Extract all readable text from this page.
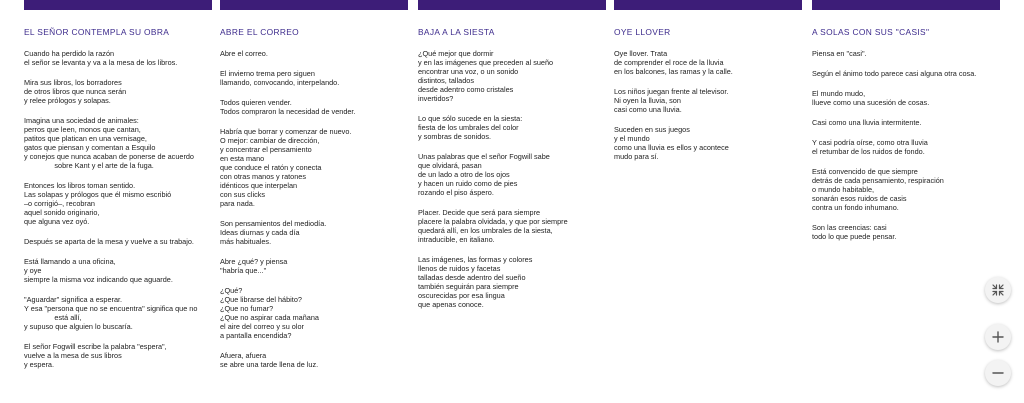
EL SEÑOR CONTEMPLA SU OBRA

Cuando ha perdido la razón
el señor se levanta y va a la mesa de los libros.

Mira sus libros, los borradores
de otros libros que nunca serán
y relee prólogos y solapas.

Imagina una sociedad de animales:
perros que leen, monos que cantan,
patitos que platican en una vernisage,
gatos que piensan y comentan a Esquilo
y conejos que nunca acaban de ponerse de acuerdo
sobre Kant y el arte de la fuga.

Entonces los libros toman sentido.
Las solapas y prólogos que él mismo escribió
–o corrigió–, recobran
aquel sonido originario,
que alguna vez oyó.

Después se aparta de la mesa y vuelve a su trabajo.

Está llamando a una oficina,
y oye
siempre la misma voz indicando que aguarde.

"Aguardar" significa a esperar.
Y esa "persona que no se encuentra" significa que no
está allí,
y supuso que alguien lo buscaría.

El señor Fogwill escribe la palabra "espera",
vuelve a la mesa de sus libros
y espera.

ABRE EL CORREO

Abre el correo.

El invierno trema pero siguen
llamando, convocando, interpelando.

Todos quieren vender.
Todos compraron la necesidad de vender.

Habría que borrar y comenzar de nuevo.
O mejor: cambiar de dirección,
y concentrar el pensamiento
en esta mano
que conduce el ratón y conecta
con otras manos y ratones
idénticos que interpelan
con sus clicks
para nada.

Son pensamientos del mediodía.
Ideas diurnas y cada día
más habituales.

Abre ¿qué? y piensa
"habría que..."

¿Qué?
¿Que librarse del hábito?
¿Que no fumar?
¿Que no aspirar cada mañana
el aire del correo y su olor
a pantalla encendida?

Afuera, afuera
se abre una tarde llena de luz.

BAJA A LA SIESTA

¿Qué mejor que dormir
y en las imágenes que preceden al sueño
encontrar una voz, o un sonido
distintos, tallados
desde adentro como cristales
invertidos?

Lo que sólo sucede en la siesta:
fiesta de los umbrales del color
y sombras de sonidos.

Unas palabras que el señor Fogwill sabe
que olvidará, pasan
de un lado a otro de los ojos
y hacen un ruido como de pies
rozando el piso áspero.

Placer. Decide que será para siempre
placere la palabra olvidada, y que por siempre
quedará allí, en los umbrales de la siesta,
intraducible, en italiano.

Las imágenes, las formas y colores
llenos de ruidos y facetas
talladas desde adentro del sueño
también seguirán para siempre
oscurecidas por esa lingua
que apenas conoce.

OYE LLOVER

Oye llover. Trata
de comprender el roce de la lluvia
en los balcones, las ramas y la calle.

Los niños juegan frente al televisor.
Ni oyen la lluvia, son
casi como una lluvia.

Suceden en sus juegos
y el mundo
como una lluvia es ellos y acontece
mudo para sí.

A SOLAS CON SUS "CASIS"

Piensa en "casi".

Según el ánimo todo parece casi alguna otra cosa.

El mundo mudo,
llueve como una sucesión de cosas.

Casi como una lluvia intermitente.

Y casi podría oírse, como otra lluvia
el retumbar de los ruidos de fondo.

Está convencido de que siempre
detrás de cada pensamiento, respiración
o mundo habitable,
sonarán esos ruidos de casis
contra un fondo inhumano.

Son las creencias: casi
todo lo que puede pensar.
